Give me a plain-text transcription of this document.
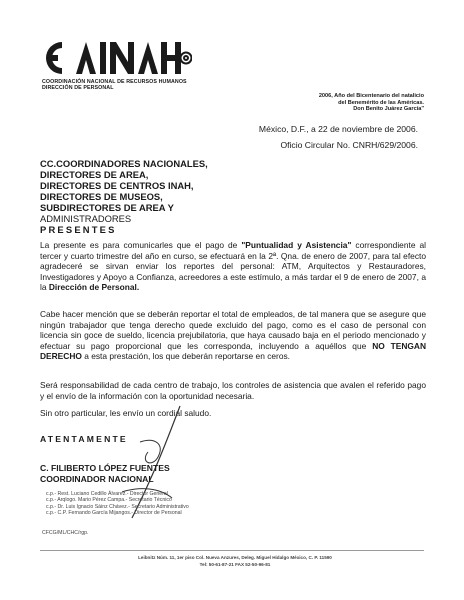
COORDINACIÓN NACIONAL DE RECURSOS HUMANOS
DIRECCIÓN DE PERSONAL
2006, Año del Bicentenario del natalicio
del Benemérito de las Américas.
Don Benito Juárez García"
México, D.F., a 22 de noviembre de 2006.
Oficio Circular No. CNRH/629/2006.
CC.COORDINADORES NACIONALES,
DIRECTORES DE AREA,
DIRECTORES DE CENTROS INAH,
DIRECTORES DE MUSEOS,
SUBDIRECTORES DE AREA Y
ADMINISTRADORES
PRESENTES

La presente es para comunicarles que el pago de "Puntualidad y Asistencia" correspondiente al tercer y cuarto trimestre del año en curso, se efectuará en la 2ª. Qna. de enero de 2007, para tal efecto agradeceré se sirvan enviar los reportes del personal: ATM, Arquitectos y Restauradores, Investigadores y Apoyo a Confianza, acreedores a este estímulo, a más tardar el 9 de enero de 2007, a la Dirección de Personal.

Cabe hacer mención que se deberán reportar el total de empleados, de tal manera que se asegure que ningún trabajador que tenga derecho quede excluido del pago, como es el caso de personal con licencia sin goce de sueldo, licencia prejubilatoria, que haya causado baja en el periodo mencionado y efectuar su pago proporcional que les corresponda, incluyendo a aquéllos que NO TENGAN DERECHO a esta prestación, los que deberán reportarse en ceros.

Será responsabilidad de cada centro de trabajo, los controles de asistencia que avalen el referido pago y el envío de la información con la oportunidad necesaria.

Sin otro particular, les envío un cordial saludo.
ATENTAMENTE
C. FILIBERTO LÓPEZ FUENTES
COORDINADOR NACIONAL
c.p.- Rest. Luciano Cedillo Álvarez.- Director General
c.p.- Arqlogo. Mario Pérez Campa.- Secretario Técnico
c.p.- Dr. Luis Ignacio Sáinz Chávez.- Secretario Administrativo
c.p.- C.P. Fernando García Mijangos.- Director de Personal
CFCG/ML/CHC/rgp.
Leibnitz Núm. 11, 1er piso Col. Nueva Anzures, Deleg. Miguel Hidalgo México, C. P. 11590
Tel: 50-61-87-21 FAX 52-50-96-81
